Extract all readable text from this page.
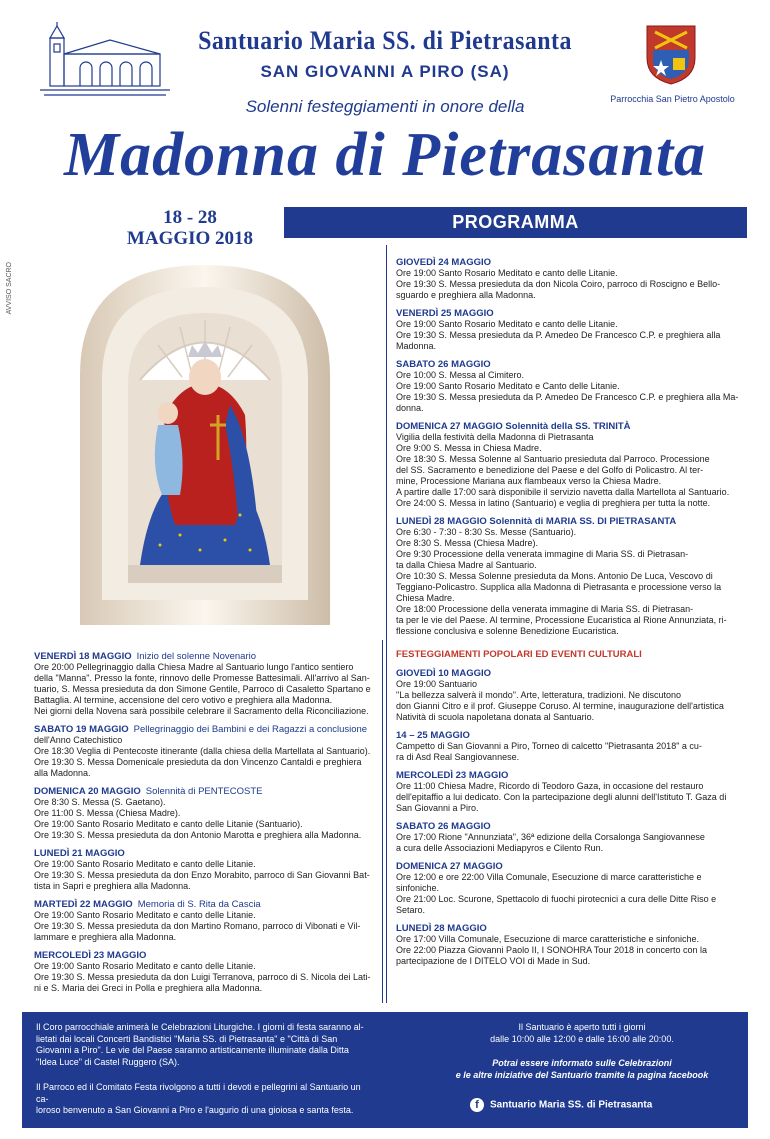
Parrocchia San Pietro Apostolo
Santuario Maria SS. di Pietrasanta
SAN GIOVANNI A PIRO (SA)
Solenni festeggiamenti in onore della
Madonna di Pietrasanta
18 - 28
MAGGIO 2018
PROGRAMMA
AVVISO SACRO	GIOVEDÌ 24 MAGGIO
Ore 19:00 Santo Rosario Meditato e canto delle Litanie.
Ore 19:30 S. Messa presieduta da don Nicola Coiro, parroco di Roscigno e Bello-
sguardo e preghiera alla Madonna.
VENERDÌ 25 MAGGIO
Ore 19:00 Santo Rosario Meditato e canto delle Litanie.
Ore 19:30 S. Messa presieduta da P. Amedeo De Francesco C.P. e preghiera alla
Madonna.
SABATO 26 MAGGIO
Ore 10:00 S. Messa al Cimitero.
Ore 19:00 Santo Rosario Meditato e Canto delle Litanie.
Ore 19:30 S. Messa presieduta da P. Amedeo De Francesco C.P. e preghiera alla Ma-
donna.
DOMENICA 27 MAGGIO Solennità della SS. TRINITÀ
Vigilia della festività della Madonna di Pietrasanta
Ore 9:00 S. Messa in Chiesa Madre.
Ore 18:30 S. Messa Solenne al Santuario presieduta dal Parroco. Processione
del SS. Sacramento e benedizione del Paese e del Golfo di Policastro. Al ter-
mine, Processione Mariana aux flambeaux verso la Chiesa Madre.
A partire dalle 17:00 sarà disponibile il servizio navetta dalla Martellota al Santuario.
Ore 24:00 S. Messa in latino (Santuario) e veglia di preghiera per tutta la notte.
LUNEDÌ 28 MAGGIO Solennità di MARIA SS. DI PIETRASANTA
Ore 6:30 - 7:30 - 8:30 Ss. Messe (Santuario).
Ore 8:30 S. Messa (Chiesa Madre).
Ore 9:30 Processione della venerata immagine di Maria SS. di Pietrasan-
ta dalla Chiesa Madre al Santuario.
Ore 10:30 S. Messa Solenne presieduta da Mons. Antonio De Luca, Vescovo di
Teggiano-Policastro. Supplica alla Madonna di Pietrasanta e processione verso la
Chiesa Madre.
Ore 18:00 Processione della venerata immagine di Maria SS. di Pietrasan-
ta per le vie del Paese. Al termine, Processione Eucaristica al Rione Annunziata, ri-
flessione conclusiva e solenne Benedizione Eucaristica.
FESTEGGIAMENTI POPOLARI ED EVENTI CULTURALI
GIOVEDÌ 10 MAGGIO
Ore 19:00 Santuario
"La bellezza salverà il mondo". Arte, letteratura, tradizioni. Ne discutono
don Gianni Citro e il prof. Giuseppe Coruso. Al termine, inaugurazione dell'artistica
Natività di scuola napoletana donata al Santuario.
14 – 25 MAGGIO
Campetto di San Giovanni a Piro, Torneo di calcetto "Pietrasanta 2018" a cu-
ra di Asd Real Sangiovannese.
MERCOLEDÌ 23 MAGGIO
Ore 11:00 Chiesa Madre, Ricordo di Teodoro Gaza, in occasione del restauro
dell'epitaffio a lui dedicato. Con la partecipazione degli alunni dell'Istituto T. Gaza di
San Giovanni a Piro.
SABATO 26 MAGGIO
Ore 17:00 Rione "Annunziata", 36ª edizione della Corsalonga Sangiovannese
a cura delle Associazioni Mediapyros e Cilento Run.
DOMENICA 27 MAGGIO
Ore 12:00 e ore 22:00 Villa Comunale, Esecuzione di marce caratteristiche e
sinfoniche.
Ore 21:00 Loc. Scurone, Spettacolo di fuochi pirotecnici a cura delle Ditte Riso e
Setaro.
LUNEDÌ 28 MAGGIO
Ore 17:00 Villa Comunale, Esecuzione di marce caratteristiche e sinfoniche.
Ore 22:00 Piazza Giovanni Paolo II, I SONOHRA Tour 2018 in concerto con la
partecipazione de I DITELO VOI di Made in Sud.
VENERDÌ 18 MAGGIO Inizio del solenne Novenario
Ore 20:00 Pellegrinaggio dalla Chiesa Madre al Santuario lungo l'antico sentiero
della "Manna". Presso la fonte, rinnovo delle Promesse Battesimali. All'arrivo al San-
tuario, S. Messa presieduta da don Simone Gentile, Parroco di Casaletto Spartano e
Battaglia. Al termine, accensione del cero votivo e preghiera alla Madonna.
Nei giorni della Novena sarà possibile celebrare il Sacramento della Riconciliazione.
SABATO 19 MAGGIO Pellegrinaggio dei Bambini e dei Ragazzi a conclusione
dell'Anno Catechistico
Ore 18:30 Veglia di Pentecoste itinerante (dalla chiesa della Martellata al Santuario).
Ore 19:30 S. Messa Domenicale presieduta da don Vincenzo Cantaldi e preghiera
alla Madonna.
DOMENICA 20 MAGGIO Solennità di PENTECOSTE
Ore 8:30 S. Messa (S. Gaetano).
Ore 11:00 S. Messa (Chiesa Madre).
Ore 19:00 Santo Rosario Meditato e canto delle Litanie (Santuario).
Ore 19:30 S. Messa presieduta da don Antonio Marotta e preghiera alla Madonna.
LUNEDÌ 21 MAGGIO
Ore 19:00 Santo Rosario Meditato e canto delle Litanie.
Ore 19:30 S. Messa presieduta da don Enzo Morabito, parroco di San Giovanni Bat-
tista in Sapri e preghiera alla Madonna.
MARTEDÌ 22 MAGGIO Memoria di S. Rita da Cascia
Ore 19:00 Santo Rosario Meditato e canto delle Litanie.
Ore 19:30 S. Messa presieduta da don Martino Romano, parroco di Vibonati e Vil-
lammare e preghiera alla Madonna.
MERCOLEDÌ 23 MAGGIO
Ore 19:00 Santo Rosario Meditato e canto delle Litanie.
Ore 19:30 S. Messa presieduta da don Luigi Terranova, parroco di S. Nicola dei Lati-
ni e S. Maria dei Greci in Polla e preghiera alla Madonna.
Il Coro parrocchiale animerà le Celebrazioni Liturgiche. I giorni di festa saranno al-
lietati dai locali Concerti Bandistici "Maria SS. di Pietrasanta" e "Città di San
Giovanni a Piro". Le vie del Paese saranno artisticamente illuminate dalla Ditta
"Idea Luce" di Castel Ruggero (SA).
Il Parroco ed il Comitato Festa rivolgono a tutti i devoti e pellegrini al Santuario un ca-
loroso benvenuto a San Giovanni a Piro e l'augurio di una gioiosa e santa festa.
Il Santuario è aperto tutti i giorni
dalle 10:00 alle 12:00 e dalle 16:00 alle 20:00.
Potrai essere informato sulle Celebrazioni
e le altre iniziative del Santuario tramite la pagina facebook
f Santuario Maria SS. di Pietrasanta
